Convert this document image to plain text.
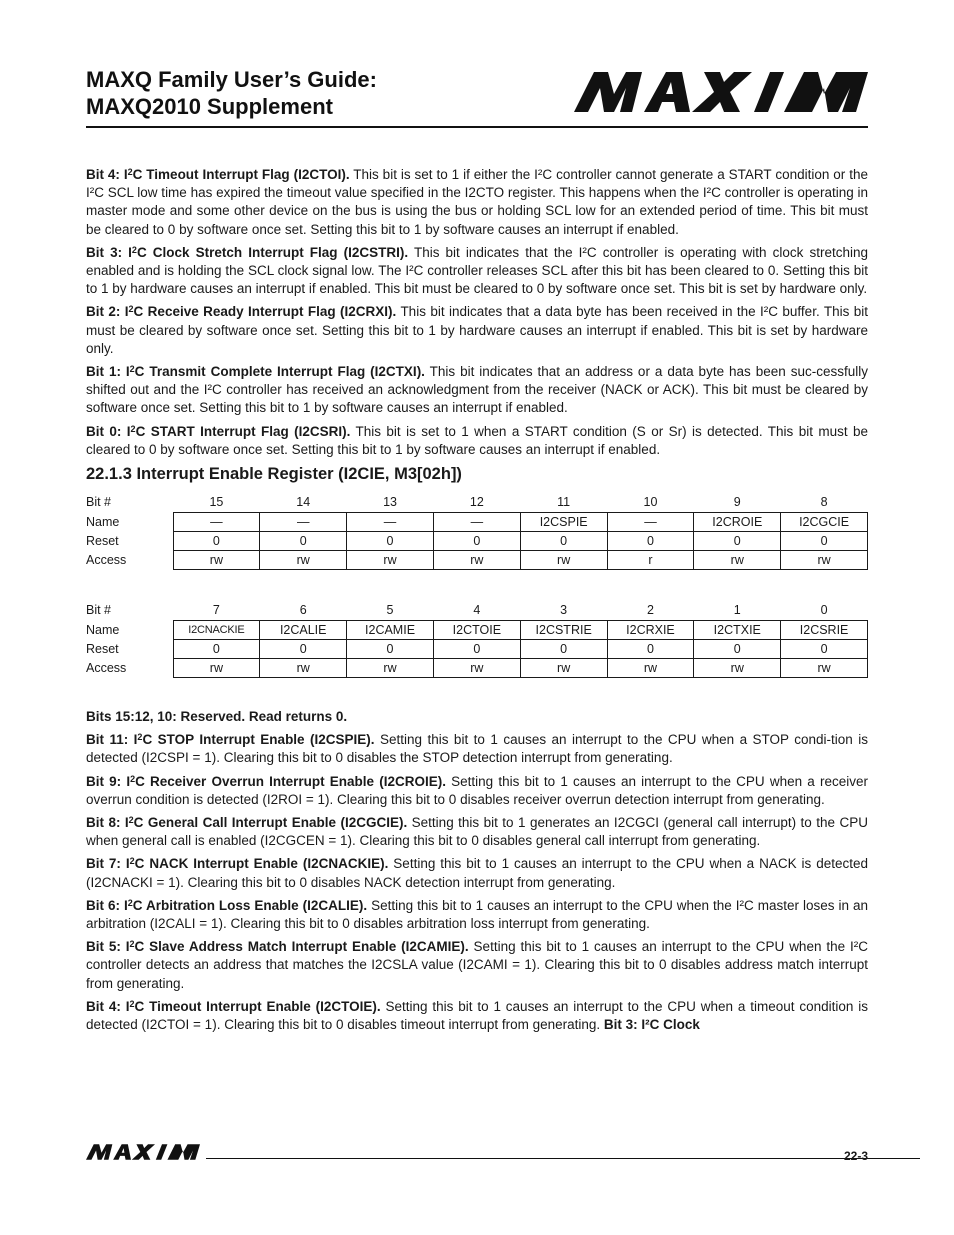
MAXQ Family User’s Guide:
MAXQ2010 Supplement

Bit 4: $I^2C$ Timeout Interrupt Flag (I2CTOI). This bit is set to 1 if either the I²C controller cannot generate a START condition or the I²C SCL low time has expired the timeout value specified in the I2CTO register. This happens when the I²C controller is operating in master mode and some other device on the bus is using the bus or holding SCL low for an extended period of time. This bit must be cleared to 0 by software once set. Setting this bit to 1 by software causes an interrupt if enabled.

Bit 3: $I^2C$ Clock Stretch Interrupt Flag (I2CSTRI). This bit indicates that the I²C controller is operating with clock stretching enabled and is holding the SCL clock signal low. The I²C controller releases SCL after this bit has been cleared to 0. Setting this bit to 1 by hardware causes an interrupt if enabled. This bit must be cleared to 0 by software once set. This bit is set by hardware only.

Bit 2: $I^2C$ Receive Ready Interrupt Flag (I2CRXI). This bit indicates that a data byte has been received in the I²C buffer. This bit must be cleared by software once set. Setting this bit to 1 by hardware causes an interrupt if enabled. This bit is set by hardware only.

Bit 1: $I^2C$ Transmit Complete Interrupt Flag (I2CTXI). This bit indicates that an address or a data byte has been suc-cessfully shifted out and the I²C controller has received an acknowledgment from the receiver (NACK or ACK). This bit must be cleared by software once set. Setting this bit to 1 by software causes an interrupt if enabled.

Bit 0: $I^2C$ START Interrupt Flag (I2CSRI). This bit is set to 1 when a START condition (S or Sr) is detected. This bit must be cleared to 0 by software once set. Setting this bit to 1 by software causes an interrupt if enabled.

22.1.3 Interrupt Enable Register (I2CIE, M3[02h])
Bit #	15	14	13	12	11	10	9	8
Name	—	—	—	—	I2CSPIE	—	I2CROIE	I2CGCIE
Reset	0	0	0	0	0	0	0	0
Access	rw	rw	rw	rw	rw	r	rw	rw
Bit #	7	6	5	4	3	2	1	0
Name	I2CNACKIE	I2CALIE	I2CAMIE	I2CTOIE	I2CSTRIE	I2CRXIE	I2CTXIE	I2CSRIE
Reset	0	0	0	0	0	0	0	0
Access	rw	rw	rw	rw	rw	rw	rw	rw

Bits 15:12, 10: Reserved. Read returns 0.

Bit 11: $I^2C$ STOP Interrupt Enable (I2CSPIE). Setting this bit to 1 causes an interrupt to the CPU when a STOP condi-tion is detected (I2CSPI = 1). Clearing this bit to 0 disables the STOP detection interrupt from generating.

Bit 9: $I^2C$ Receiver Overrun Interrupt Enable (I2CROIE). Setting this bit to 1 causes an interrupt to the CPU when a receiver overrun condition is detected (I2ROI = 1). Clearing this bit to 0 disables receiver overrun detection interrupt from generating.

Bit 8: $I^2C$ General Call Interrupt Enable (I2CGCIE). Setting this bit to 1 generates an I2CGCI (general call interrupt) to the CPU when general call is enabled (I2CGCEN = 1). Clearing this bit to 0 disables general call interrupt from generating.

Bit 7: $I^2C$ NACK Interrupt Enable (I2CNACKIE). Setting this bit to 1 causes an interrupt to the CPU when a NACK is detected (I2CNACKI = 1). Clearing this bit to 0 disables NACK detection interrupt from generating.

Bit 6: $I^2C$ Arbitration Loss Enable (I2CALIE). Setting this bit to 1 causes an interrupt to the CPU when the I²C master loses in an arbitration (I2CALI = 1). Clearing this bit to 0 disables arbitration loss interrupt from generating.

Bit 5: $I^2C$ Slave Address Match Interrupt Enable (I2CAMIE). Setting this bit to 1 causes an interrupt to the CPU when the I²C controller detects an address that matches the I2CSLA value (I2CAMI = 1). Clearing this bit to 0 disables address match interrupt from generating.

Bit 4: $I^2C$ Timeout Interrupt Enable (I2CTOIE). Setting this bit to 1 causes an interrupt to the CPU when a timeout condition is detected (I2CTOI = 1). Clearing this bit to 0 disables timeout interrupt from generating. Bit 3: I²C Clock

22-3
